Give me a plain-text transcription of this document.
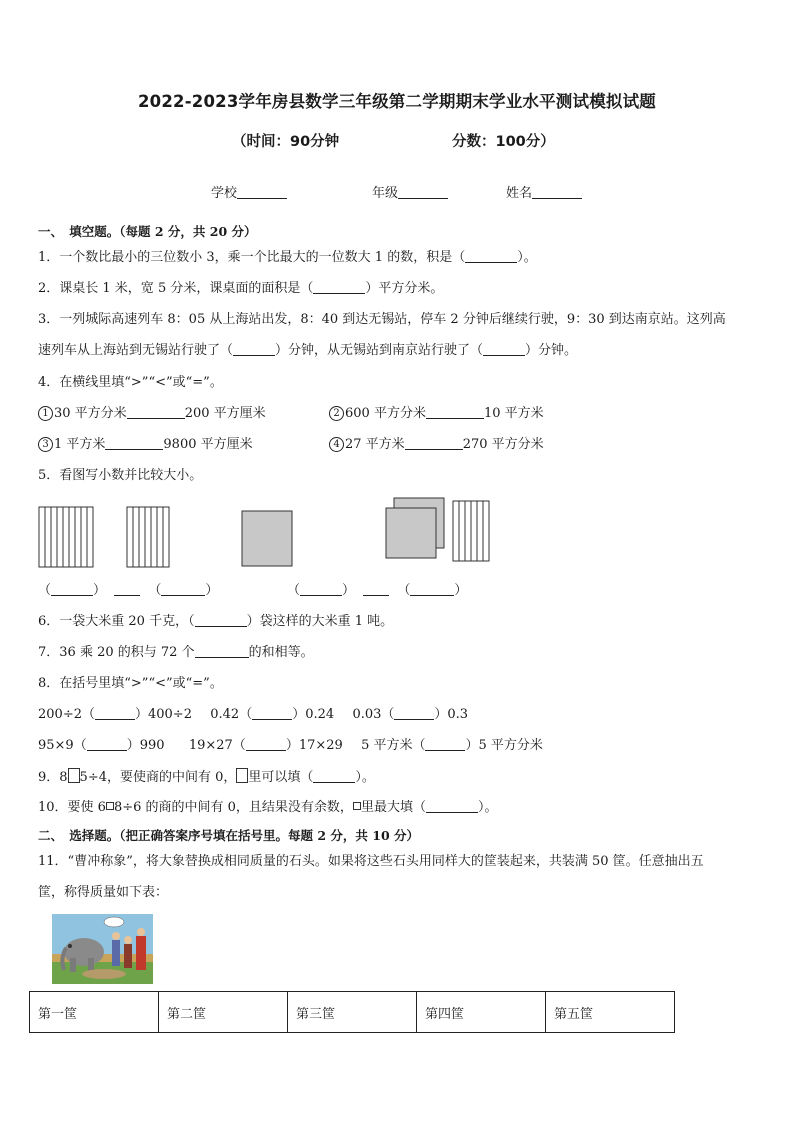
2022-2023学年房县数学三年级第二学期期末学业水平测试模拟试题
（时间：90分钟	分数：100分）
学校	年级	姓名
一、　填空题。（每题 2 分，共 20 分）
1．一个数比最小的三位数小 3，乘一个比最大的一位数大 1 的数，积是（	）。
2．课桌长 1 米，宽 5 分米，课桌面的面积是（	）平方分米。
3．一列城际高速列车 8：05 从上海站出发，8：40 到达无锡站，停车 2 分钟后继续行驶，9：30 到达南京站。这列高
速列车从上海站到无锡站行驶了（	）分钟，从无锡站到南京站行驶了（	）分钟。
4．在横线里填“>”“<”或“=”。
1 30 平方分米	200 平方厘米	2 600 平方分米	10 平方米
3 1 平方米	9800 平方厘米	4 27 平方米	270 平方分米
5．看图写小数并比较大小。
（	）	（	）	（	）	（	）
6．一袋大米重 20 千克，（	）袋这样的大米重 1 吨。
7．36 乘 20 的积与 72 个	的和相等。
8．在括号里填“>”“<”或“=”。
200÷2（	）400÷2 0.42（	）0.24 0.03（	）0.3
95×9（	）990 19×27（	）17×29 5 平方米（	）5 平方分米
9．8 5÷4，要使商的中间有 0， 里可以填（	）。
10．要使 6 8÷6 的商的中间有 0，且结果没有余数， 里最大填（	）。
二、　选择题。（把正确答案序号填在括号里。每题 2 分，共 10 分）
11．“曹冲称象”，将大象替换成相同质量的石头。如果将这些石头用同样大的筐装起来，共装满 50 筐。任意抽出五
筐，称得质量如下表：
第一筐	第二筐	第三筐	第四筐	第五筐
